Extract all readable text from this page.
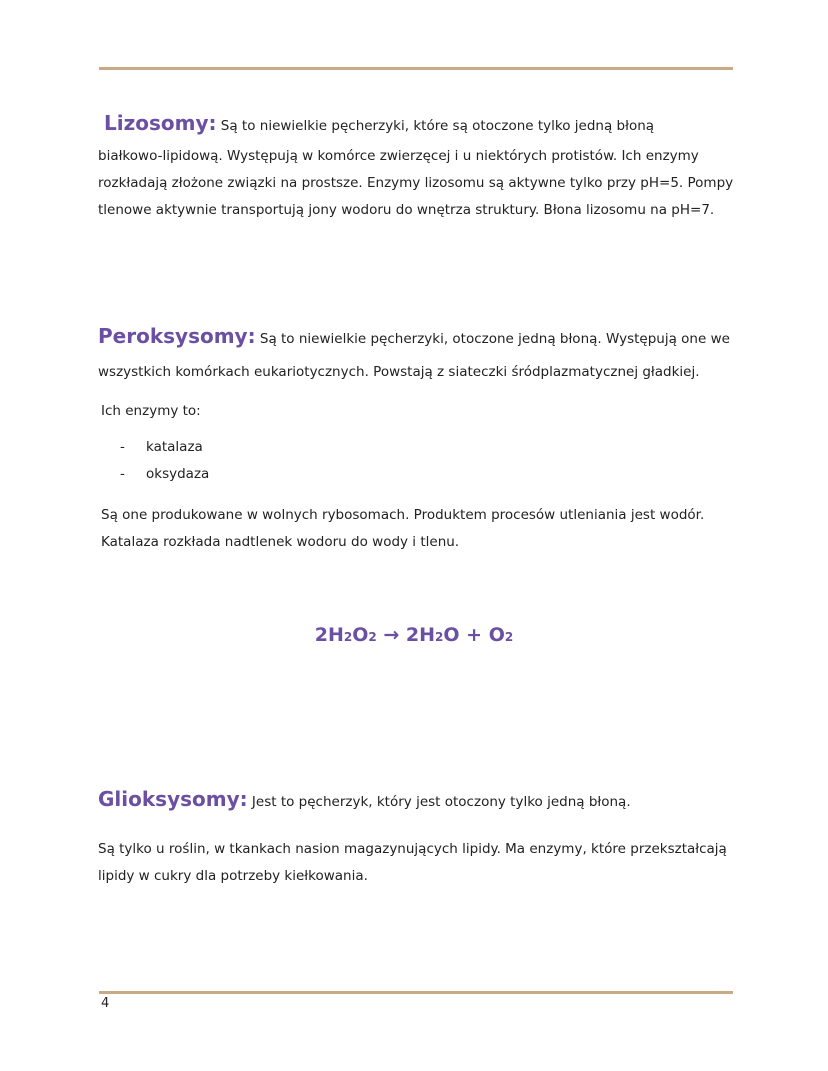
Lizosomy: Są to niewielkie pęcherzyki, które są otoczone tylko jedną błoną

białkowo-lipidową. Występują w komórce zwierzęcej i u niektórych protistów. Ich enzymy rozkładają złożone związki na prostsze. Enzymy lizosomu są aktywne tylko przy pH=5. Pompy tlenowe aktywnie transportują jony wodoru do wnętrza struktury. Błona lizosomu na pH=7.

Peroksysomy: Są to niewielkie pęcherzyki, otoczone jedną błoną. Występują one we wszystkich komórkach eukariotycznych. Powstają z siateczki śródplazmatycznej gładkiej.

Ich enzymy to:

- katalaza
- oksydaza

Są one produkowane w wolnych rybosomach. Produktem procesów utleniania jest wodór. Katalaza rozkłada nadtlenek wodoru do wody i tlenu.

2H2O2 → 2H2O + O2

Glioksysomy: Jest to pęcherzyk, który jest otoczony tylko jedną błoną.

Są tylko u roślin, w tkankach nasion magazynujących lipidy. Ma enzymy, które przekształcają lipidy w cukry dla potrzeby kiełkowania.

4
